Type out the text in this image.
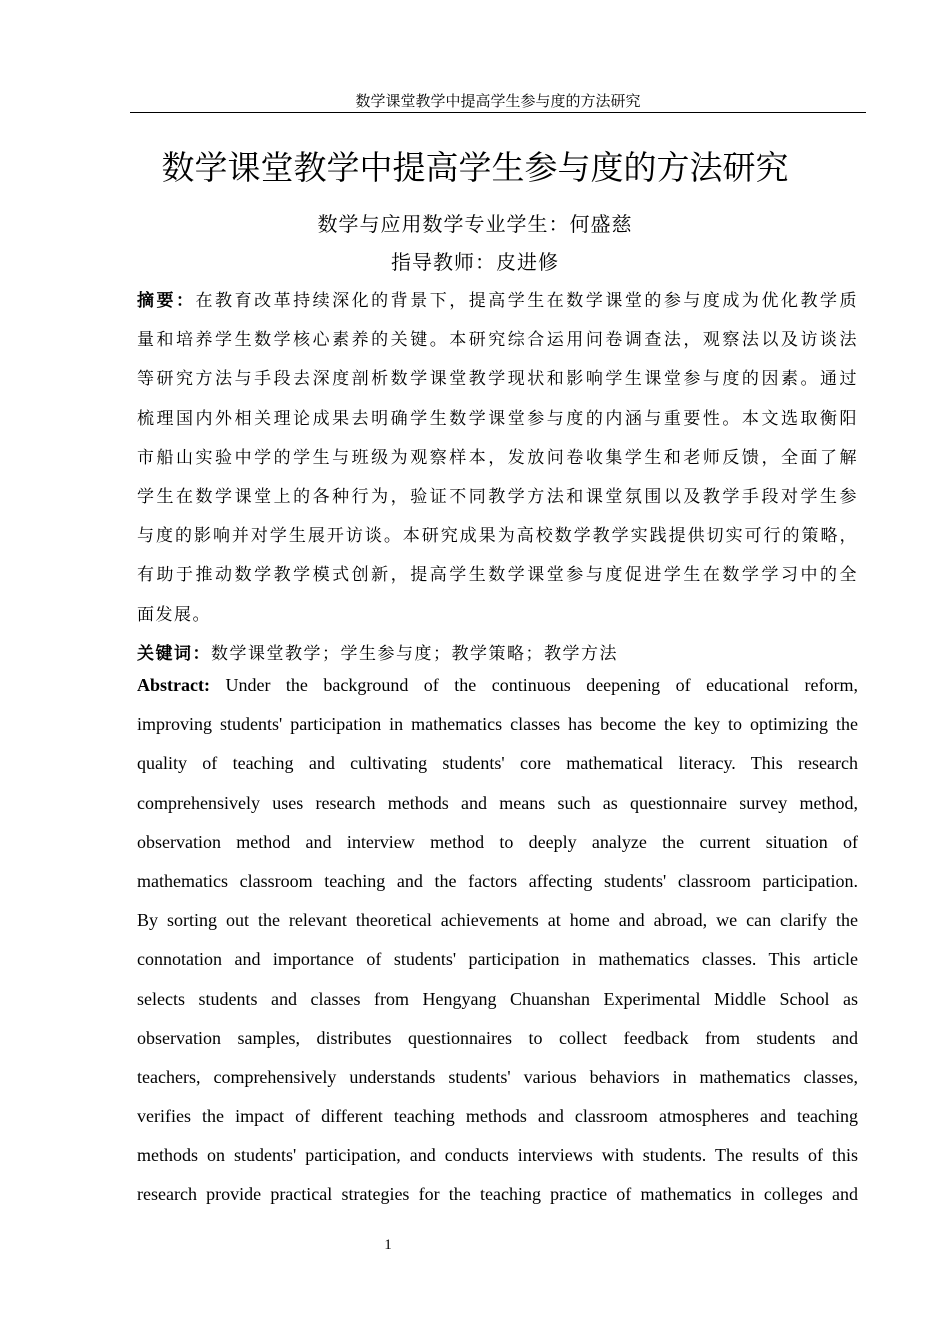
数学课堂教学中提高学生参与度的方法研究
数学课堂教学中提高学生参与度的方法研究
数学与应用数学专业学生：何盛慈
指导教师：皮进修
摘要：在教育改革持续深化的背景下，提高学生在数学课堂的参与度成为优化教学质
量和培养学生数学核心素养的关键。本研究综合运用问卷调查法，观察法以及访谈法
等研究方法与手段去深度剖析数学课堂教学现状和影响学生课堂参与度的因素。通过
梳理国内外相关理论成果去明确学生数学课堂参与度的内涵与重要性。本文选取衡阳
市船山实验中学的学生与班级为观察样本，发放问卷收集学生和老师反馈，全面了解
学生在数学课堂上的各种行为，验证不同教学方法和课堂氛围以及教学手段对学生参
与度的影响并对学生展开访谈。本研究成果为高校数学教学实践提供切实可行的策略，
有助于推动数学教学模式创新，提高学生数学课堂参与度促进学生在数学学习中的全
面发展。
关键词：数学课堂教学；学生参与度；教学策略；教学方法
Abstract: Under the background of the continuous deepening of educational reform,
improving students' participation in mathematics classes has become the key to optimizing the
quality of teaching and cultivating students' core mathematical literacy. This research
comprehensively uses research methods and means such as questionnaire survey method,
observation method and interview method to deeply analyze the current situation of
mathematics classroom teaching and the factors affecting students' classroom participation.
By sorting out the relevant theoretical achievements at home and abroad, we can clarify the
connotation and importance of students' participation in mathematics classes. This article
selects students and classes from Hengyang Chuanshan Experimental Middle School as
observation samples, distributes questionnaires to collect feedback from students and
teachers, comprehensively understands students' various behaviors in mathematics classes,
verifies the impact of different teaching methods and classroom atmospheres and teaching
methods on students' participation, and conducts interviews with students. The results of this
research provide practical strategies for the teaching practice of mathematics in colleges and
1
